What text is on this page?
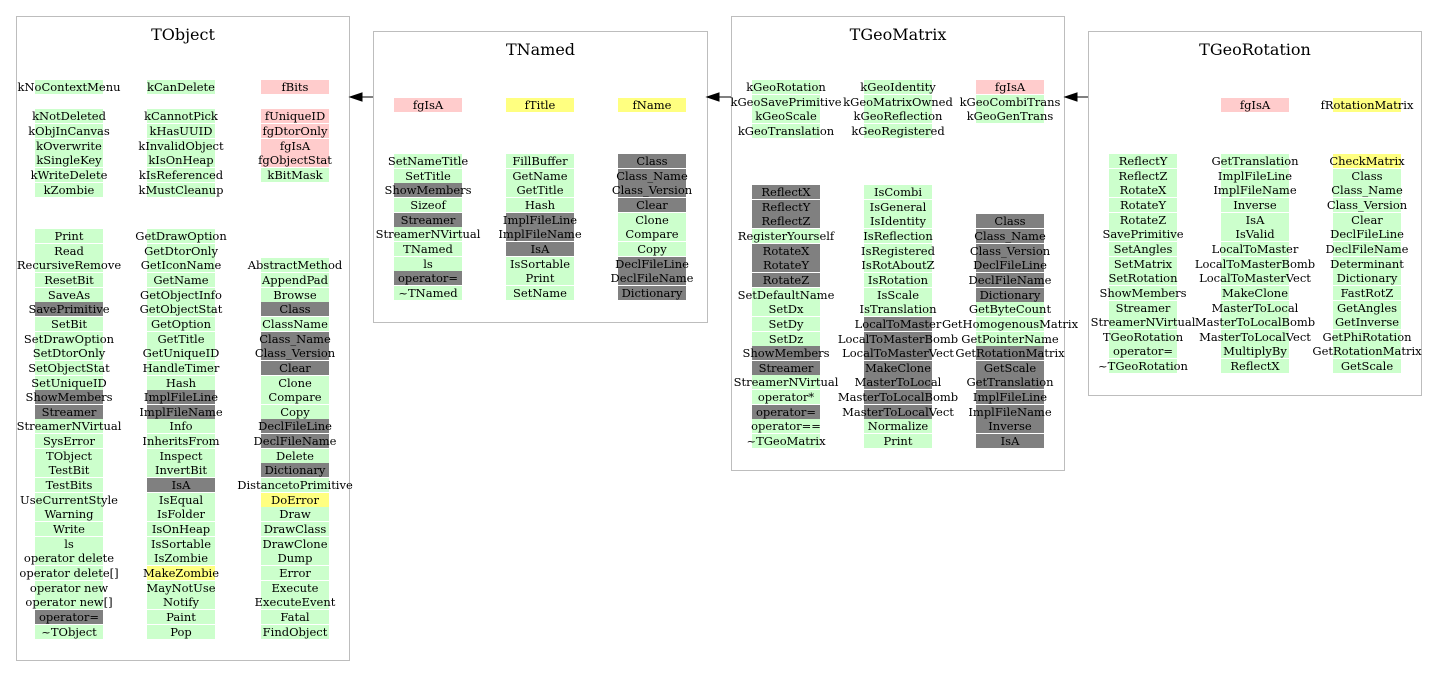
TObject
TNamed
TGeoMatrix
TGeoRotation
kNoContextMenu
kNotDeleted
kObjInCanvas
kOverwrite
kSingleKey
kWriteDelete
kZombie
kCanDelete
kCannotPick
kHasUUID
kInvalidObject
kIsOnHeap
kIsReferenced
kMustCleanup
fBits
fUniqueID
fgDtorOnly
fgIsA
fgObjectStat
kBitMask
Print
Read
RecursiveRemove
ResetBit
SaveAs
SavePrimitive
SetBit
SetDrawOption
SetDtorOnly
SetObjectStat
SetUniqueID
ShowMembers
Streamer
StreamerNVirtual
SysError
TObject
TestBit
TestBits
UseCurrentStyle
Warning
Write
ls
operator delete
operator delete[]
operator new
operator new[]
operator=
~TObject
GetDrawOption
GetDtorOnly
GetIconName
GetName
GetObjectInfo
GetObjectStat
GetOption
GetTitle
GetUniqueID
HandleTimer
Hash
ImplFileLine
ImplFileName
Info
InheritsFrom
Inspect
InvertBit
IsA
IsEqual
IsFolder
IsOnHeap
IsSortable
IsZombie
MakeZombie
MayNotUse
Notify
Paint
Pop
AbstractMethod
AppendPad
Browse
Class
ClassName
Class_Name
Class_Version
Clear
Clone
Compare
Copy
DeclFileLine
DeclFileName
Delete
Dictionary
DistancetoPrimitive
DoError
Draw
DrawClass
DrawClone
Dump
Error
Execute
ExecuteEvent
Fatal
FindObject
fgIsA	fTitle	fName
SetNameTitle
SetTitle
ShowMembers
Sizeof
Streamer
StreamerNVirtual
TNamed
ls
operator=
~TNamed
FillBuffer
GetName
GetTitle
Hash
ImplFileLine
ImplFileName
IsA
IsSortable
Print
SetName
Class
Class_Name
Class_Version
Clear
Clone
Compare
Copy
DeclFileLine
DeclFileName
Dictionary
kGeoRotation
kGeoSavePrimitive
kGeoScale
kGeoTranslation
kGeoIdentity
kGeoMatrixOwned
kGeoReflection
kGeoRegistered
fgIsA
kGeoCombiTrans
kGeoGenTrans
ReflectX
ReflectY
ReflectZ
RegisterYourself
RotateX
RotateY
RotateZ
SetDefaultName
SetDx
SetDy
SetDz
ShowMembers
Streamer
StreamerNVirtual
operator*
operator=
operator==
~TGeoMatrix
IsCombi
IsGeneral
IsIdentity
IsReflection
IsRegistered
IsRotAboutZ
IsRotation
IsScale
IsTranslation
LocalToMaster
LocalToMasterBomb
LocalToMasterVect
MakeClone
MasterToLocal
MasterToLocalBomb
MasterToLocalVect
Normalize
Print
Class
Class_Name
Class_Version
DeclFileLine
DeclFileName
Dictionary
GetByteCount
GetHomogenousMatrix
GetPointerName
GetRotationMatrix
GetScale
GetTranslation
ImplFileLine
ImplFileName
Inverse
IsA
fgIsA	fRotationMatrix
ReflectY
ReflectZ
RotateX
RotateY
RotateZ
SavePrimitive
SetAngles
SetMatrix
SetRotation
ShowMembers
Streamer
StreamerNVirtual
TGeoRotation
operator=
~TGeoRotation
GetTranslation
ImplFileLine
ImplFileName
Inverse
IsA
IsValid
LocalToMaster
LocalToMasterBomb
LocalToMasterVect
MakeClone
MasterToLocal
MasterToLocalBomb
MasterToLocalVect
MultiplyBy
ReflectX
CheckMatrix
Class
Class_Name
Class_Version
Clear
DeclFileLine
DeclFileName
Determinant
Dictionary
FastRotZ
GetAngles
GetInverse
GetPhiRotation
GetRotationMatrix
GetScale
